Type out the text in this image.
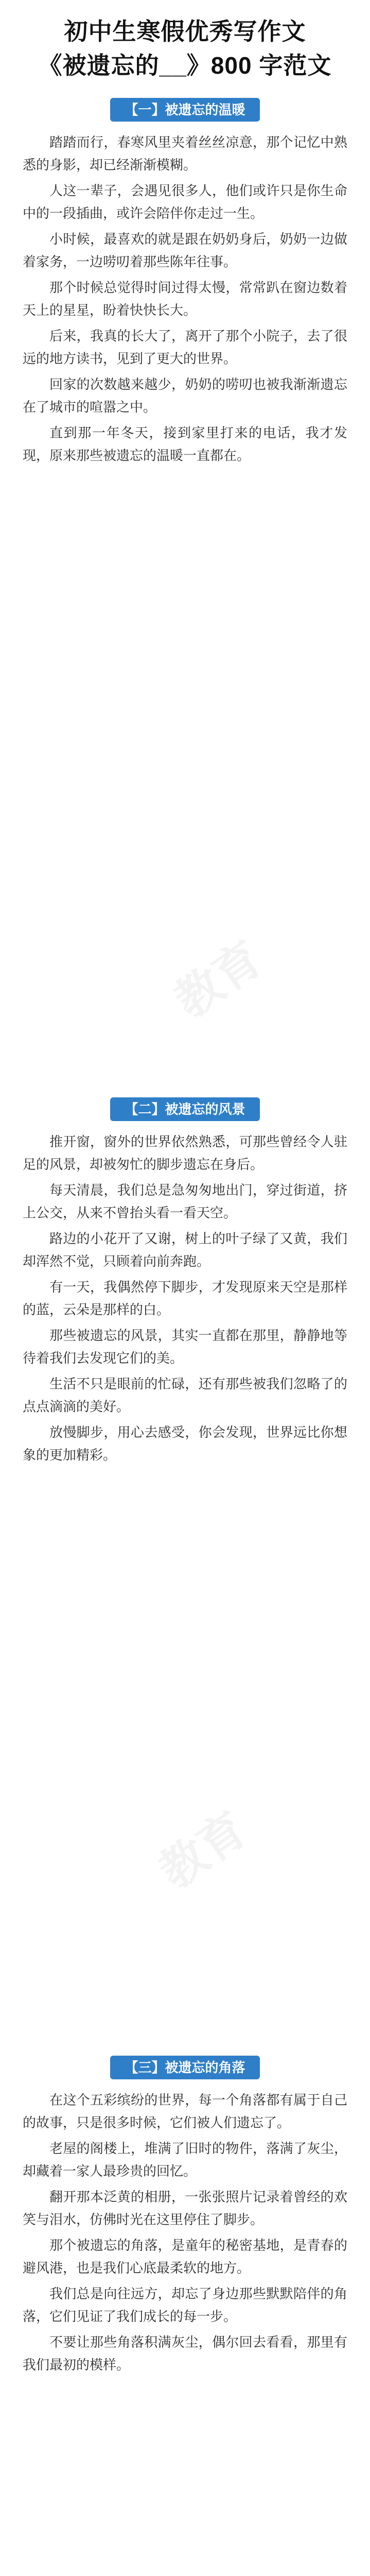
初中生寒假优秀写作文
《被遗忘的__》800 字范文
教育
教育
【一】被遗忘的温暖

踏踏而行，春寒风里夹着丝丝凉意，那个记忆中熟悉的身影，却已经渐渐模糊。

人这一辈子，会遇见很多人，他们或许只是你生命中的一段插曲，或许会陪伴你走过一生。

小时候，最喜欢的就是跟在奶奶身后，奶奶一边做着家务，一边唠叨着那些陈年往事。

那个时候总觉得时间过得太慢，常常趴在窗边数着天上的星星，盼着快快长大。

后来，我真的长大了，离开了那个小院子，去了很远的地方读书，见到了更大的世界。

回家的次数越来越少，奶奶的唠叨也被我渐渐遗忘在了城市的喧嚣之中。

直到那一年冬天，接到家里打来的电话，我才发现，原来那些被遗忘的温暖一直都在。

【二】被遗忘的风景

推开窗，窗外的世界依然熟悉，可那些曾经令人驻足的风景，却被匆忙的脚步遗忘在身后。

每天清晨，我们总是急匆匆地出门，穿过街道，挤上公交，从来不曾抬头看一看天空。

路边的小花开了又谢，树上的叶子绿了又黄，我们却浑然不觉，只顾着向前奔跑。

有一天，我偶然停下脚步，才发现原来天空是那样的蓝，云朵是那样的白。

那些被遗忘的风景，其实一直都在那里，静静地等待着我们去发现它们的美。

生活不只是眼前的忙碌，还有那些被我们忽略了的点点滴滴的美好。

放慢脚步，用心去感受，你会发现，世界远比你想象的更加精彩。

【三】被遗忘的角落

在这个五彩缤纷的世界，每一个角落都有属于自己的故事，只是很多时候，它们被人们遗忘了。

老屋的阁楼上，堆满了旧时的物件，落满了灰尘，却藏着一家人最珍贵的回忆。

翻开那本泛黄的相册，一张张照片记录着曾经的欢笑与泪水，仿佛时光在这里停住了脚步。

那个被遗忘的角落，是童年的秘密基地，是青春的避风港，也是我们心底最柔软的地方。

我们总是向往远方，却忘了身边那些默默陪伴的角落，它们见证了我们成长的每一步。

不要让那些角落积满灰尘，偶尔回去看看，那里有我们最初的模样。
